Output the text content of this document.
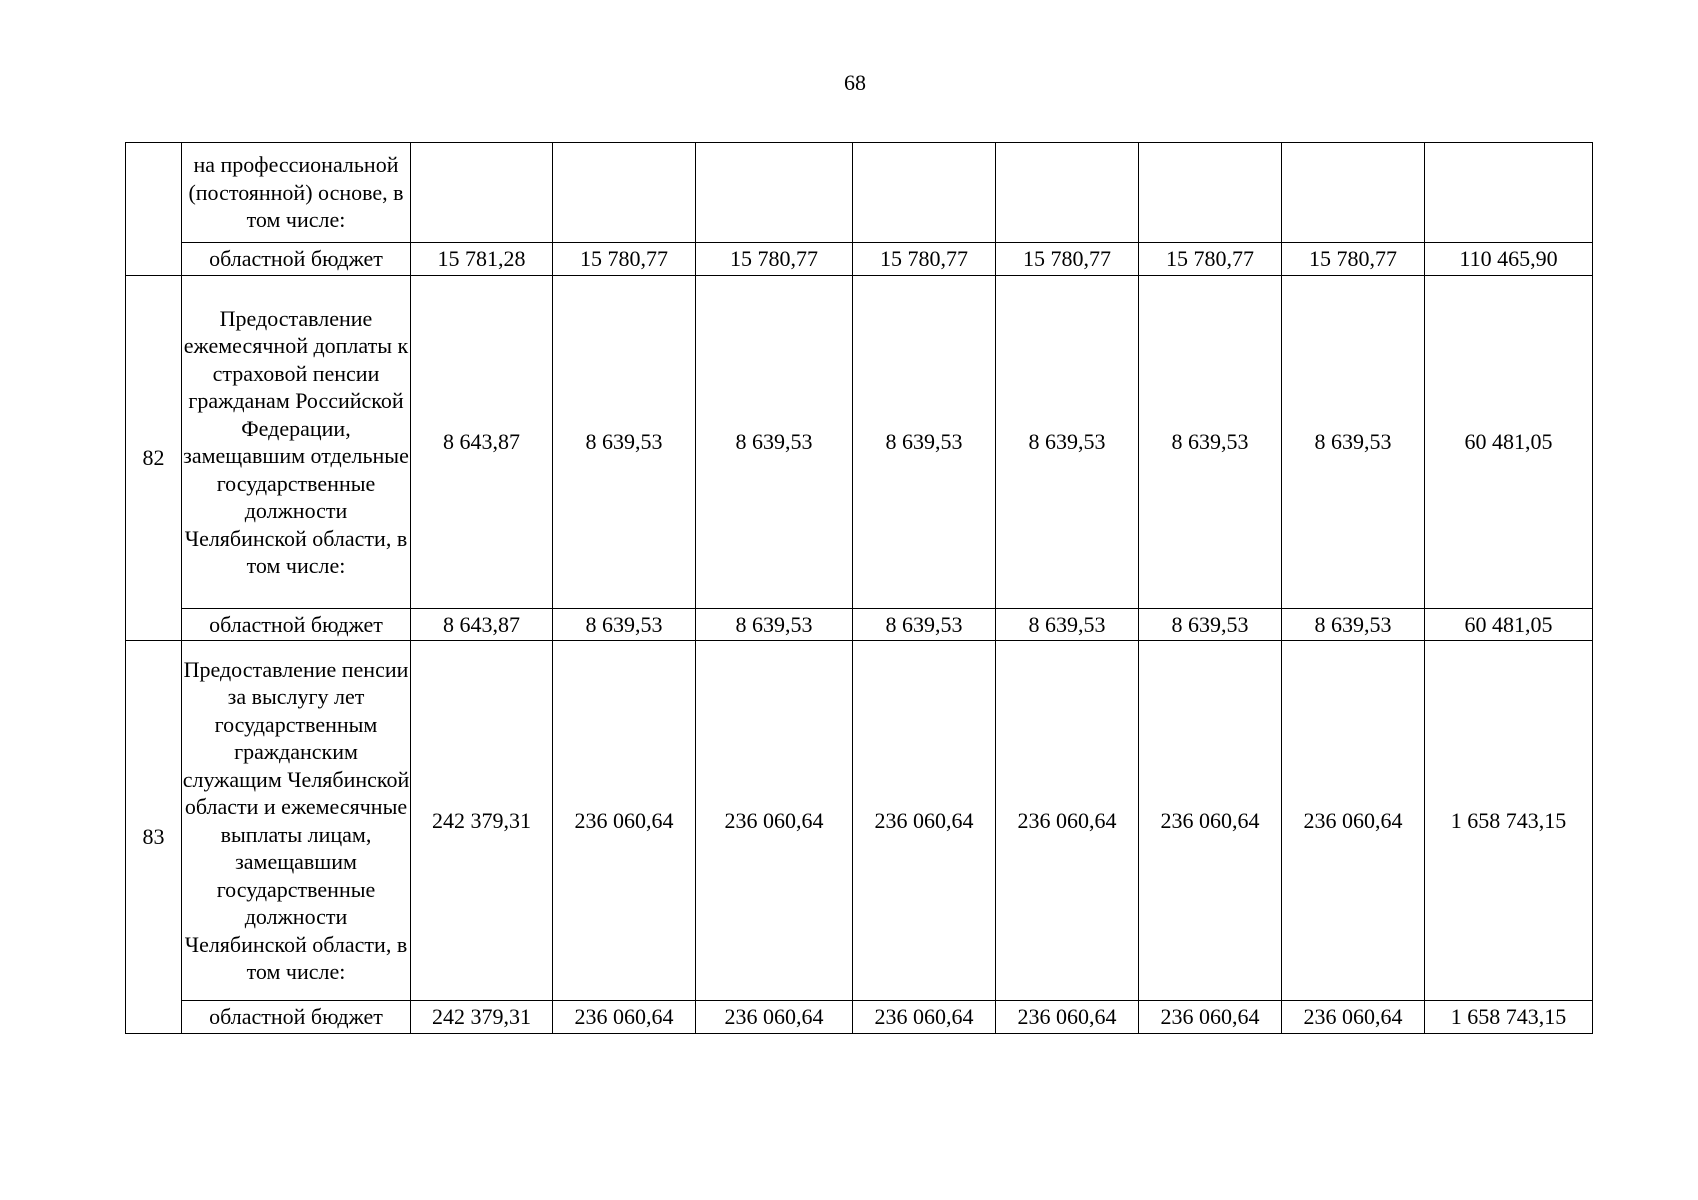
68
	на профессиональной (постоянной) основе, в том числе:								
	областной бюджет	15 781,28	15 780,77	15 780,77	15 780,77	15 780,77	15 780,77	15 780,77	110 465,90
82	Предоставление ежемесячной доплаты к страховой пенсии гражданам Российской Федерации, замещавшим отдельные государственные должности Челябинской области, в том числе:	8 643,87	8 639,53	8 639,53	8 639,53	8 639,53	8 639,53	8 639,53	60 481,05
	областной бюджет	8 643,87	8 639,53	8 639,53	8 639,53	8 639,53	8 639,53	8 639,53	60 481,05
83	Предоставление пенсии за выслугу лет государственным гражданским служащим Челябинской области и ежемесячные выплаты лицам, замещавшим государственные должности Челябинской области, в том числе:	242 379,31	236 060,64	236 060,64	236 060,64	236 060,64	236 060,64	236 060,64	1 658 743,15
	областной бюджет	242 379,31	236 060,64	236 060,64	236 060,64	236 060,64	236 060,64	236 060,64	1 658 743,15
